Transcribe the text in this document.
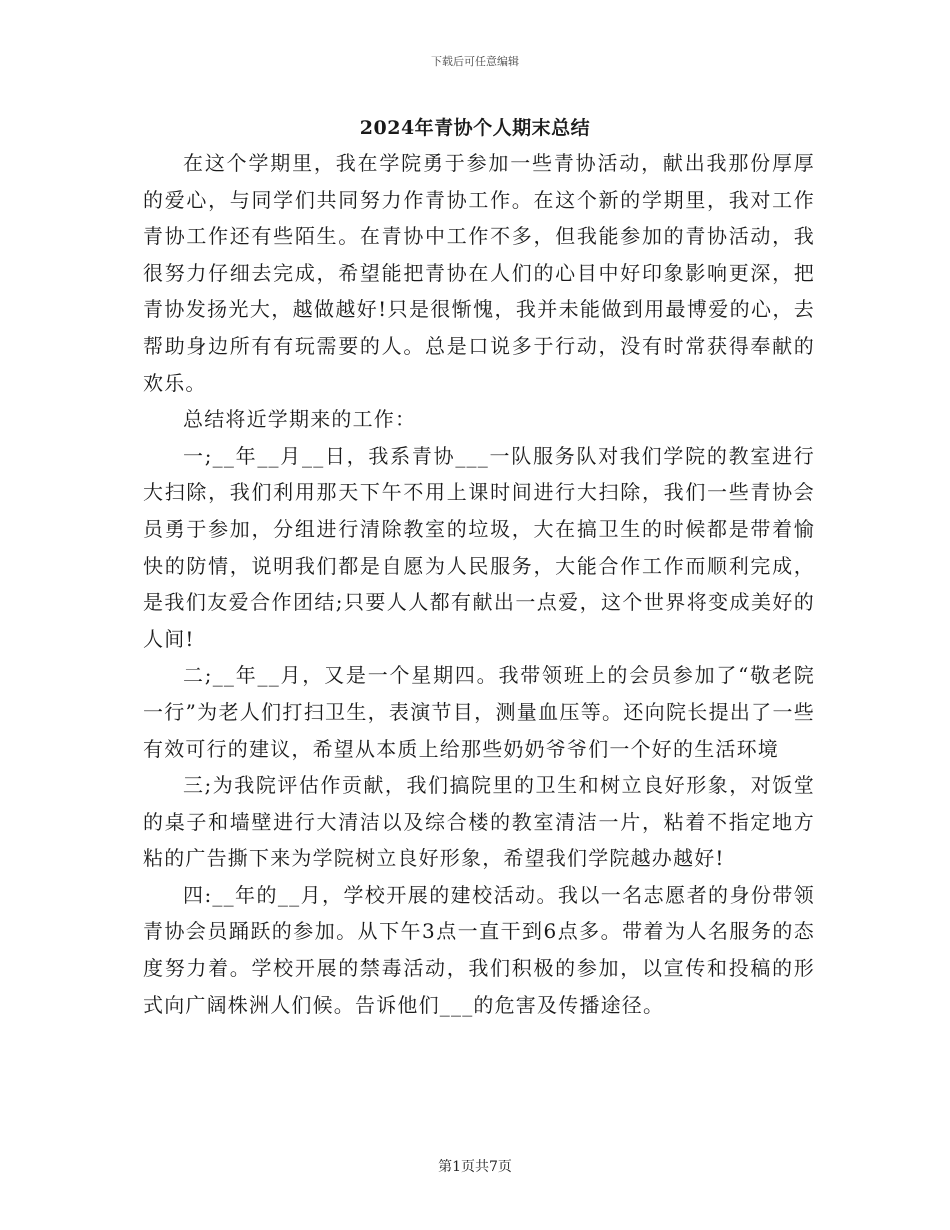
下载后可任意编辑
2024年青协个人期末总结

在这个学期里，我在学院勇于参加一些青协活动，献出我那份厚厚的爱心，与同学们共同努力作青协工作。在这个新的学期里，我对工作青协工作还有些陌生。在青协中工作不多，但我能参加的青协活动，我很努力仔细去完成，希望能把青协在人们的心目中好印象影响更深，把青协发扬光大，越做越好!只是很惭愧，我并未能做到用最博爱的心，去帮助身边所有有玩需要的人。总是口说多于行动，没有时常获得奉献的欢乐。

总结将近学期来的工作：

一;__年__月__日，我系青协___一队服务队对我们学院的教室进行大扫除，我们利用那天下午不用上课时间进行大扫除，我们一些青协会员勇于参加，分组进行清除教室的垃圾，大在搞卫生的时候都是带着愉快的防情，说明我们都是自愿为人民服务，大能合作工作而顺利完成，是我们友爱合作团结;只要人人都有献出一点爱，这个世界将变成美好的人间!

二;__年__月，又是一个星期四。我带领班上的会员参加了“敬老院一行”为老人们打扫卫生，表演节目，测量血压等。还向院长提出了一些有效可行的建议，希望从本质上给那些奶奶爷爷们一个好的生活环境

三;为我院评估作贡献，我们搞院里的卫生和树立良好形象，对饭堂的桌子和墙壁进行大清洁以及综合楼的教室清洁一片，粘着不指定地方粘的广告撕下来为学院树立良好形象，希望我们学院越办越好!

四:__年的__月，学校开展的建校活动。我以一名志愿者的身份带领青协会员踊跃的参加。从下午3点一直干到6点多。带着为人名服务的态度努力着。学校开展的禁毒活动，我们积极的参加，以宣传和投稿的形式向广阔株洲人们候。告诉他们___的危害及传播途径。

第1页共7页
